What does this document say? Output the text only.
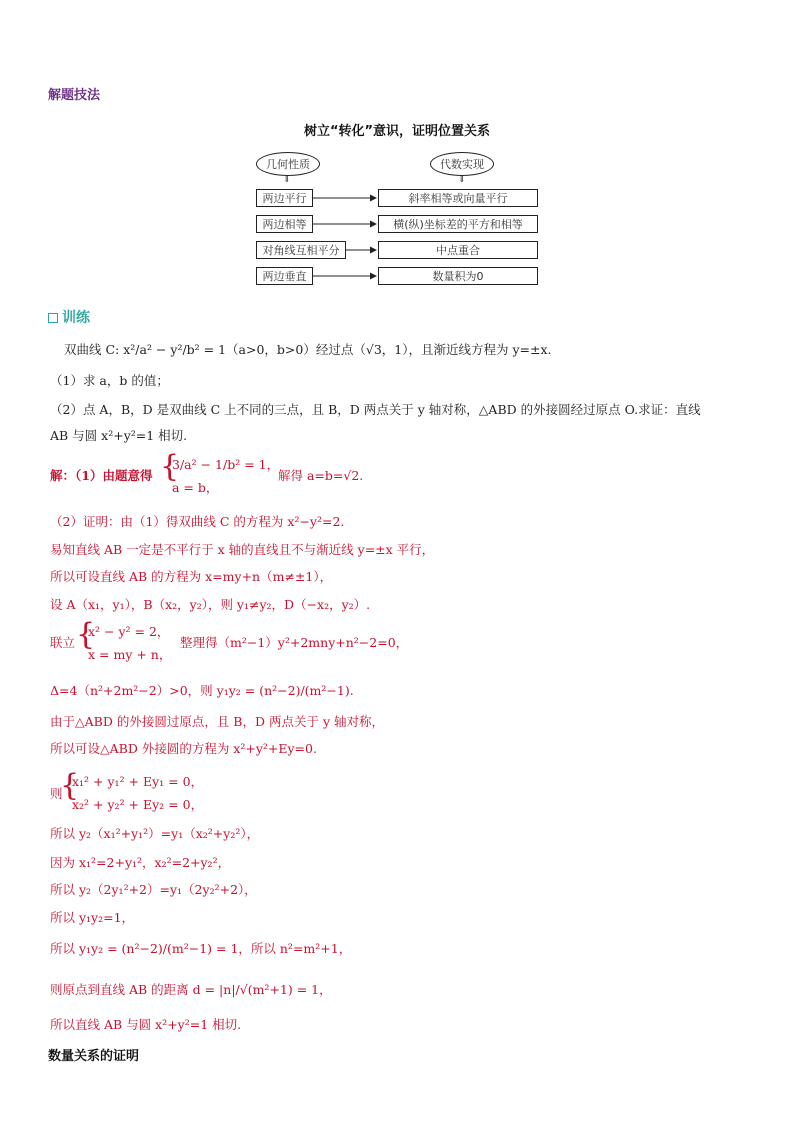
解题技法
树立“转化”意识，证明位置关系
几何性质	代数实现
⇓	⇓
两边平行	斜率相等或向量平行
两边相等	横(纵)坐标差的平方和相等
对角线互相平分	中点重合
两边垂直	数量积为0
训练
双曲线 C: x²/a² − y²/b² = 1（a>0，b>0）经过点（√3，1），且渐近线方程为 y=±x.
（1）求 a，b 的值；
（2）点 A，B，D 是双曲线 C 上不同的三点，且 B，D 两点关于 y 轴对称，△ABD 的外接圆经过原点 O.求证：直线
AB 与圆 x²+y²=1 相切.
解：（1）由题意得 {
3/a² − 1/b² = 1，
a = b，
解得 a=b=√2.
（2）证明：由（1）得双曲线 C 的方程为 x²−y²=2.
易知直线 AB 一定是不平行于 x 轴的直线且不与渐近线 y=±x 平行，
所以可设直线 AB 的方程为 x=my+n（m≠±1），
设 A（x₁，y₁），B（x₂，y₂），则 y₁≠y₂，D（−x₂，y₂）.
联立 {
x² − y² = 2，
x = my + n，
整理得（m²−1）y²+2mny+n²−2=0，
Δ=4（n²+2m²−2）>0，则 y₁y₂ = (n²−2)/(m²−1).
由于△ABD 的外接圆过原点，且 B，D 两点关于 y 轴对称，
所以可设△ABD 外接圆的方程为 x²+y²+Ey=0.
则
{
x₁² + y₁² + Ey₁ = 0，
x₂² + y₂² + Ey₂ = 0，
所以 y₂（x₁²+y₁²）=y₁（x₂²+y₂²），
因为 x₁²=2+y₁²，x₂²=2+y₂²，
所以 y₂（2y₁²+2）=y₁（2y₂²+2），
所以 y₁y₂=1，
所以 y₁y₂ = (n²−2)/(m²−1) = 1，所以 n²=m²+1，
则原点到直线 AB 的距离 d = |n|/√(m²+1) = 1，
所以直线 AB 与圆 x²+y²=1 相切.
数量关系的证明
